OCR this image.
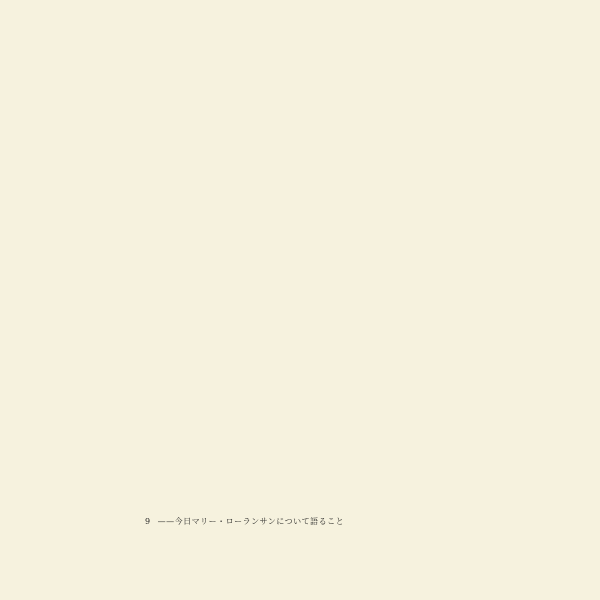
9 ——今日マリー・ローランサンについて語ること
